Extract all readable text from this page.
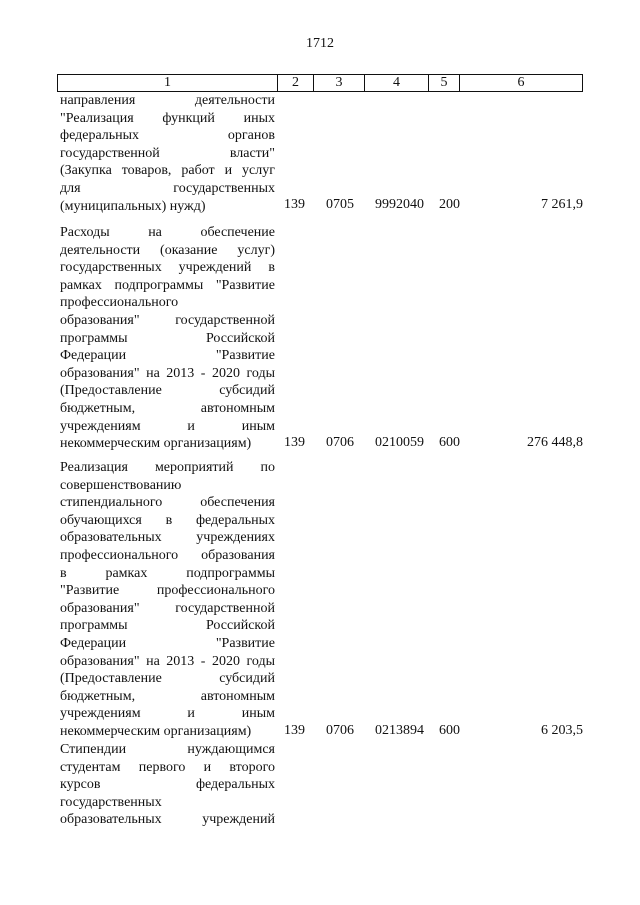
1712
1	2	3	4	5	6
направления деятельности
"Реализация функций иных
федеральных органов
государственной власти"
(Закупка товаров, работ и услуг
для государственных
(муниципальных) нужд)	139 0705 9992040 200	7 261,9
Расходы на обеспечение
деятельности (оказание услуг)
государственных учреждений в
рамках подпрограммы "Развитие
профессионального
образования" государственной
программы Российской
Федерации "Развитие
образования" на 2013 - 2020 годы
(Предоставление субсидий
бюджетным, автономным
учреждениям и иным
некоммерческим организациям)	139 0706 0210059 600	276 448,8
Реализация мероприятий по
совершенствованию
стипендиального обеспечения
обучающихся в федеральных
образовательных учреждениях
профессионального образования
в рамках подпрограммы
"Развитие профессионального
образования" государственной
программы Российской
Федерации "Развитие
образования" на 2013 - 2020 годы
(Предоставление субсидий
бюджетным, автономным
учреждениям и иным
некоммерческим организациям)	139 0706 0213894 600	6 203,5
Стипендии нуждающимся
студентам первого и второго
курсов федеральных
государственных
образовательных учреждений
